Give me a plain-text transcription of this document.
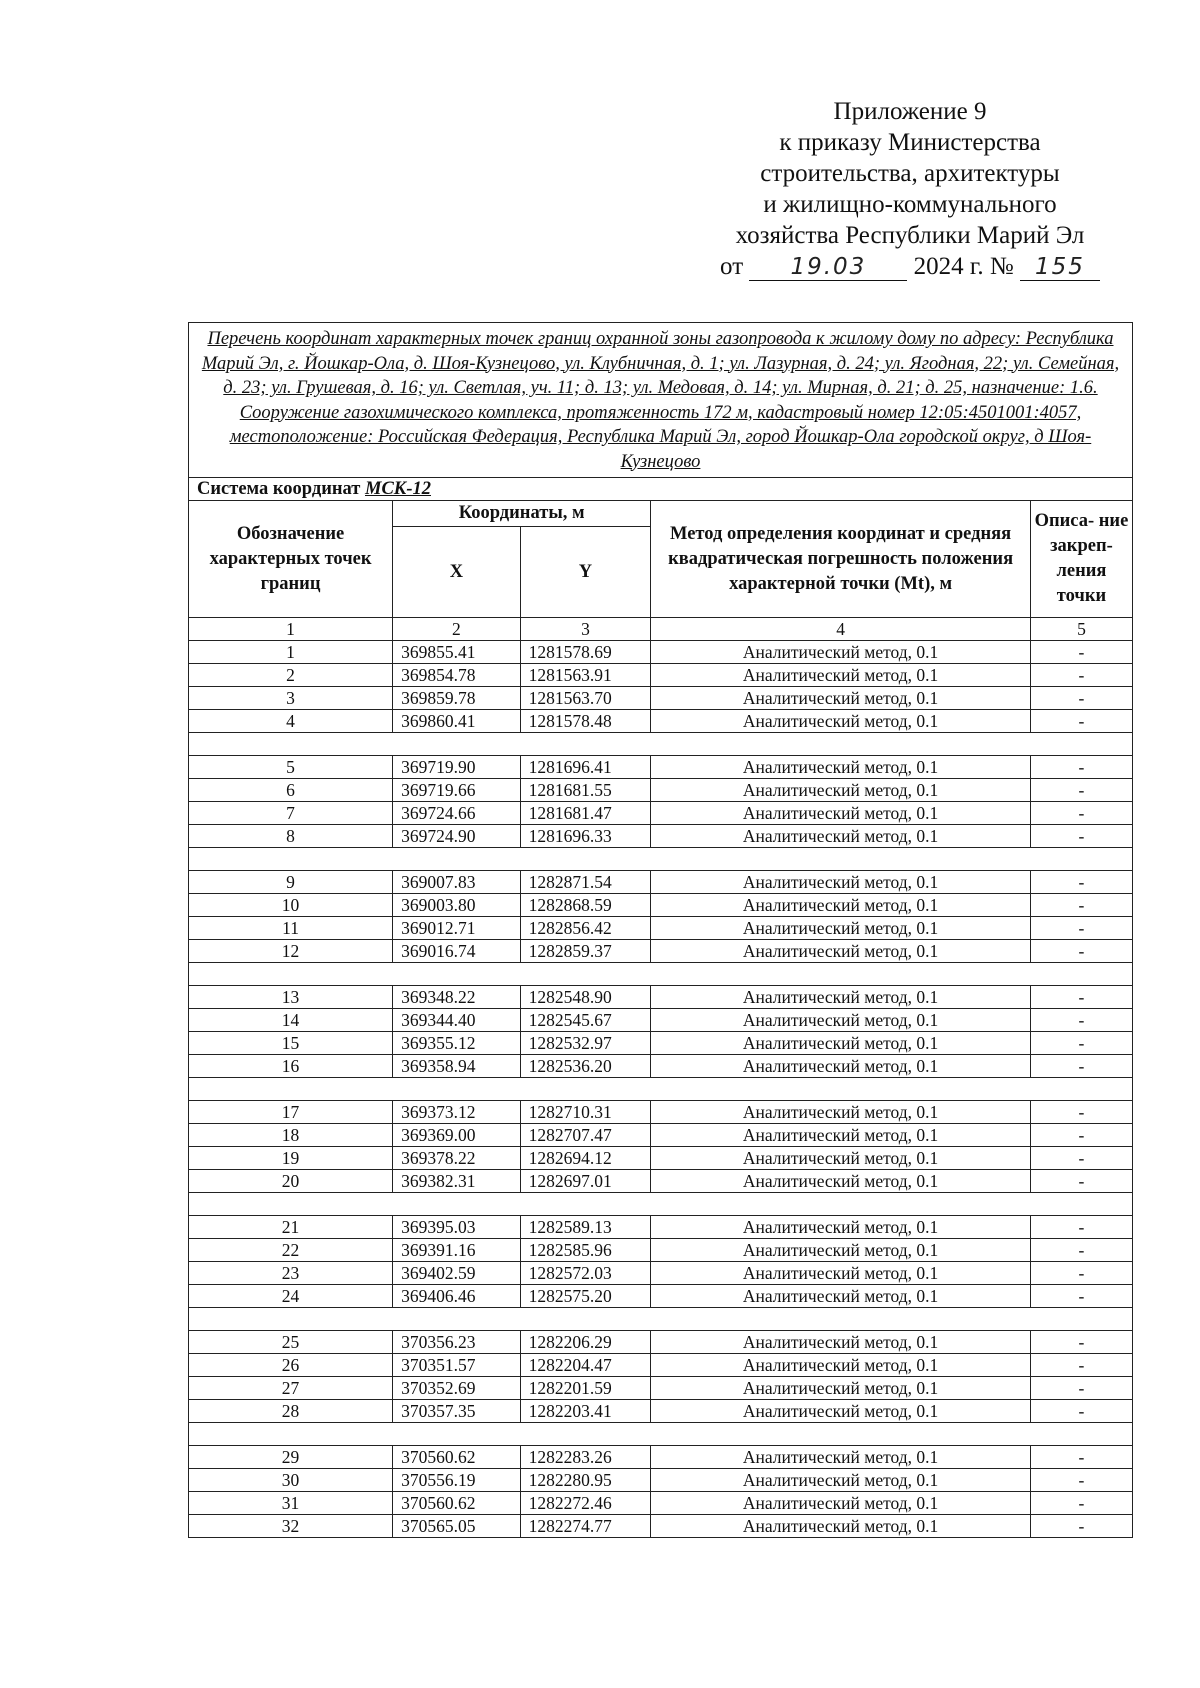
Приложение 9
к приказу Министерства
строительства, архитектуры
и жилищно-коммунального
хозяйства Республики Марий Эл
от 19.03 2024 г. № 155
Перечень координат характерных точек границ охранной зоны газопровода к жилому дому по адресу: Республика Марий Эл, г. Йошкар-Ола, д. Шоя-Кузнецово, ул. Клубничная, д. 1; ул. Лазурная, д. 24; ул. Ягодная, 22; ул. Семейная, д. 23; ул. Грушевая, д. 16; ул. Светлая, уч. 11; д. 13; ул. Медовая, д. 14; ул. Мирная, д. 21; д. 25, назначение: 1.6. Сооружение газохимического комплекса, протяженность 172 м, кадастровый номер 12:05:4501001:4057, местоположение: Российская Федерация, Республика Марий Эл, город Йошкар-Ола городской округ, д Шоя-Кузнецово				
Система координат МСК-12				
Обозначение характерных точек границ	Координаты, м		Метод определения координат и средняя квадратическая погрешность положения характерной точки (Mt), м	Описа- ние закреп- ления точки
	X	Y		
1	2	3	4	5
1	369855.41	1281578.69	Аналитический метод, 0.1	-
2	369854.78	1281563.91	Аналитический метод, 0.1	-
3	369859.78	1281563.70	Аналитический метод, 0.1	-
4	369860.41	1281578.48	Аналитический метод, 0.1	-

5	369719.90	1281696.41	Аналитический метод, 0.1	-
6	369719.66	1281681.55	Аналитический метод, 0.1	-
7	369724.66	1281681.47	Аналитический метод, 0.1	-
8	369724.90	1281696.33	Аналитический метод, 0.1	-

9	369007.83	1282871.54	Аналитический метод, 0.1	-
10	369003.80	1282868.59	Аналитический метод, 0.1	-
11	369012.71	1282856.42	Аналитический метод, 0.1	-
12	369016.74	1282859.37	Аналитический метод, 0.1	-

13	369348.22	1282548.90	Аналитический метод, 0.1	-
14	369344.40	1282545.67	Аналитический метод, 0.1	-
15	369355.12	1282532.97	Аналитический метод, 0.1	-
16	369358.94	1282536.20	Аналитический метод, 0.1	-

17	369373.12	1282710.31	Аналитический метод, 0.1	-
18	369369.00	1282707.47	Аналитический метод, 0.1	-
19	369378.22	1282694.12	Аналитический метод, 0.1	-
20	369382.31	1282697.01	Аналитический метод, 0.1	-

21	369395.03	1282589.13	Аналитический метод, 0.1	-
22	369391.16	1282585.96	Аналитический метод, 0.1	-
23	369402.59	1282572.03	Аналитический метод, 0.1	-
24	369406.46	1282575.20	Аналитический метод, 0.1	-

25	370356.23	1282206.29	Аналитический метод, 0.1	-
26	370351.57	1282204.47	Аналитический метод, 0.1	-
27	370352.69	1282201.59	Аналитический метод, 0.1	-
28	370357.35	1282203.41	Аналитический метод, 0.1	-

29	370560.62	1282283.26	Аналитический метод, 0.1	-
30	370556.19	1282280.95	Аналитический метод, 0.1	-
31	370560.62	1282272.46	Аналитический метод, 0.1	-
32	370565.05	1282274.77	Аналитический метод, 0.1	-
